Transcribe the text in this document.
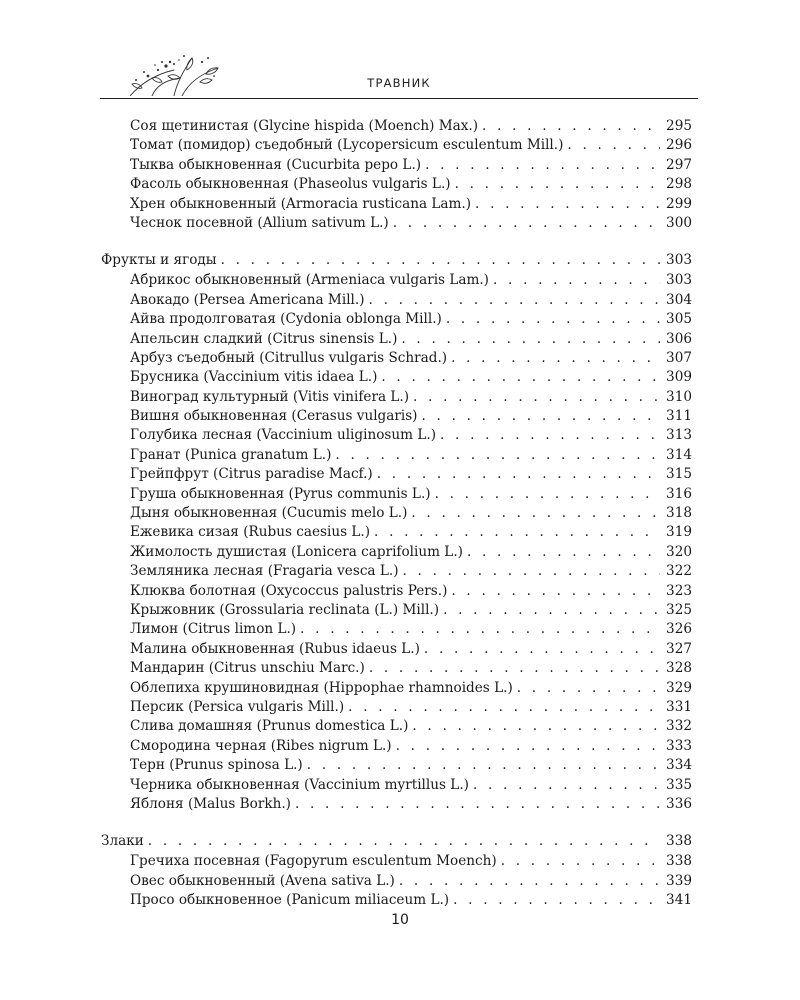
ТРАВНИК
Соя щетинистая (Glycine hispida (Moench) Max.) . . .	295
Томат (помидор) съедобный (Lycopersicum esculentum Mill.) . . .	296
Тыква обыкновенная (Cucurbita pepo L.) . . .	297
Фасоль обыкновенная (Phaseolus vulgaris L.) . . .	298
Хрен обыкновенный (Armoracia rusticana Lam.) . . .	299
Чеснок посевной (Allium sativum L.) . . .	300
Фрукты и ягоды . . .	303
Абрикос обыкновенный (Armeniaca vulgaris Lam.) . . .	303
Авокадо (Persea Americana Mill.) . . .	304
Айва продолговатая (Cydonia oblonga Mill.) . . .	305
Апельсин сладкий (Citrus sinensis L.) . . .	306
Арбуз съедобный (Citrullus vulgaris Schrad.) . . .	307
Брусника (Vaccinium vitis idaea L.) . . .	309
Виноград культурный (Vitis vinifera L.) . . .	310
Вишня обыкновенная (Cerasus vulgaris) . . .	311
Голубика лесная (Vaccinium uliginosum L.) . . .	313
Гранат (Punica granatum L.) . . .	314
Грейпфрут (Citrus paradise Macf.) . . .	315
Груша обыкновенная (Pyrus communis L.) . . .	316
Дыня обыкновенная (Cucumis melo L.) . . .	318
Ежевика сизая (Rubus caesius L.) . . .	319
Жимолость душистая (Lonicera caprifolium L.) . . .	320
Земляника лесная (Fragaria vesca L.) . . .	322
Клюква болотная (Oxycoccus palustris Pers.) . . .	323
Крыжовник (Grossularia reclinata (L.) Mill.) . . .	325
Лимон (Citrus limon L.) . . .	326
Малина обыкновенная (Rubus idaeus L.) . . .	327
Мандарин (Citrus unschiu Marc.) . . .	328
Облепиха крушиновидная (Hippophae rhamnoides L.) . . .	329
Персик (Persica vulgaris Mill.) . . .	331
Слива домашняя (Prunus domestica L.) . . .	332
Смородина черная (Ribes nigrum L.) . . .	333
Терн (Prunus spinosa L.) . . .	334
Черника обыкновенная (Vaccinium myrtillus L.) . . .	335
Яблоня (Malus Borkh.) . . .	336
Злаки . . .	338
Гречиха посевная (Fagopyrum esculentum Moench) . . .	338
Овес обыкновенный (Avena sativa L.) . . .	339
Просо обыкновенное (Panicum miliaceum L.) . . .	341
10
